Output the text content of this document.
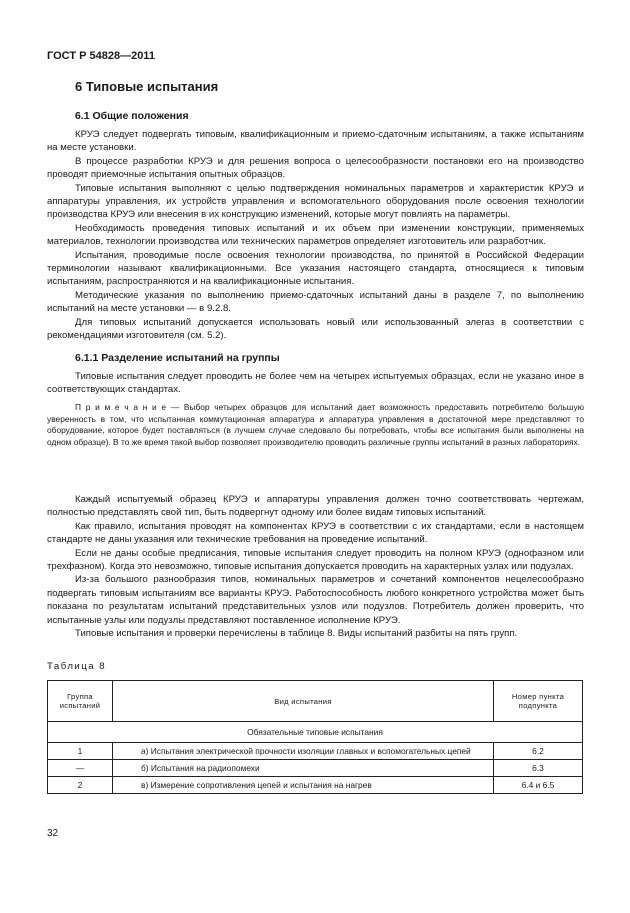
ГОСТ Р 54828—2011
6 Типовые испытания
6.1 Общие положения

КРУЭ следует подвергать типовым, квалификационным и приемо-сдаточным испытаниям, а также испытаниям на месте установки.

В процессе разработки КРУЭ и для решения вопроса о целесообразности постановки его на производство проводят приемочные испытания опытных образцов.

Типовые испытания выполняют с целью подтверждения номинальных параметров и характеристик КРУЭ и аппаратуры управления, их устройств управления и вспомогательного оборудования после освоения технологии производства КРУЭ или внесения в их конструкцию изменений, которые могут повлиять на параметры.

Необходимость проведения типовых испытаний и их объем при изменении конструкции, применяемых материалов, технологии производства или технических параметров определяет изготовитель или разработчик.

Испытания, проводимые после освоения технологии производства, по принятой в Российской Федерации терминологии называют квалификационными. Все указания настоящего стандарта, относящиеся к типовым испытаниям, распространяются и на квалификационные испытания.

Методические указания по выполнению приемо-сдаточных испытаний даны в разделе 7, по выполнению испытаний на месте установки — в 9.2.8.

Для типовых испытаний допускается использовать новый или использованный элегаз в соответствии с рекомендациями изготовителя (см. 5.2).

6.1.1 Разделение испытаний на группы

Типовые испытания следует проводить не более чем на четырех испытуемых образцах, если не указано иное в соответствующих стандартах.

П р и м е ч а н и е — Выбор четырех образцов для испытаний дает возможность предоставить потребителю большую уверенность в том, что испытанная коммутационная аппаратура и аппаратура управления в достаточной мере представляют то оборудование, которое будет поставляться (в лучшем случае следовало бы потребовать, чтобы все испытания были выполнены на одном образце). В то же время такой выбор позволяет производителю проводить различные группы испытаний в разных лабораториях.

Каждый испытуемый образец КРУЭ и аппаратуры управления должен точно соответствовать чертежам, полностью представлять свой тип, быть подвергнут одному или более видам типовых испытаний.

Как правило, испытания проводят на компонентах КРУЭ в соответствии с их стандартами, если в настоящем стандарте не даны указания или технические требования на проведение испытаний.

Если не даны особые предписания, типовые испытания следует проводить на полном КРУЭ (однофазном или трехфазном). Когда это невозможно, типовые испытания допускается проводить на характерных узлах или подузлах.

Из-за большого разнообразия типов, номинальных параметров и сочетаний компонентов нецелесообразно подвергать типовым испытаниям все варианты КРУЭ. Работоспособность любого конкретного устройства может быть показана по результатам испытаний представительных узлов или подузлов. Потребитель должен проверить, что испытанные узлы или подузлы представляют поставленное исполнение КРУЭ.

Типовые испытания и проверки перечислены в таблице 8. Виды испытаний разбиты на пять групп.

Таблица 8
Группа испытаний	Вид испытания	Номер пункта подпункта
Обязательные типовые испытания		
1	а) Испытания электрической прочности изоляции главных и вспомогательных цепей	6.2
—	б) Испытания на радиопомехи	6.3
2	в) Измерение сопротивления цепей и испытания на нагрев	6.4 и 6.5
32
